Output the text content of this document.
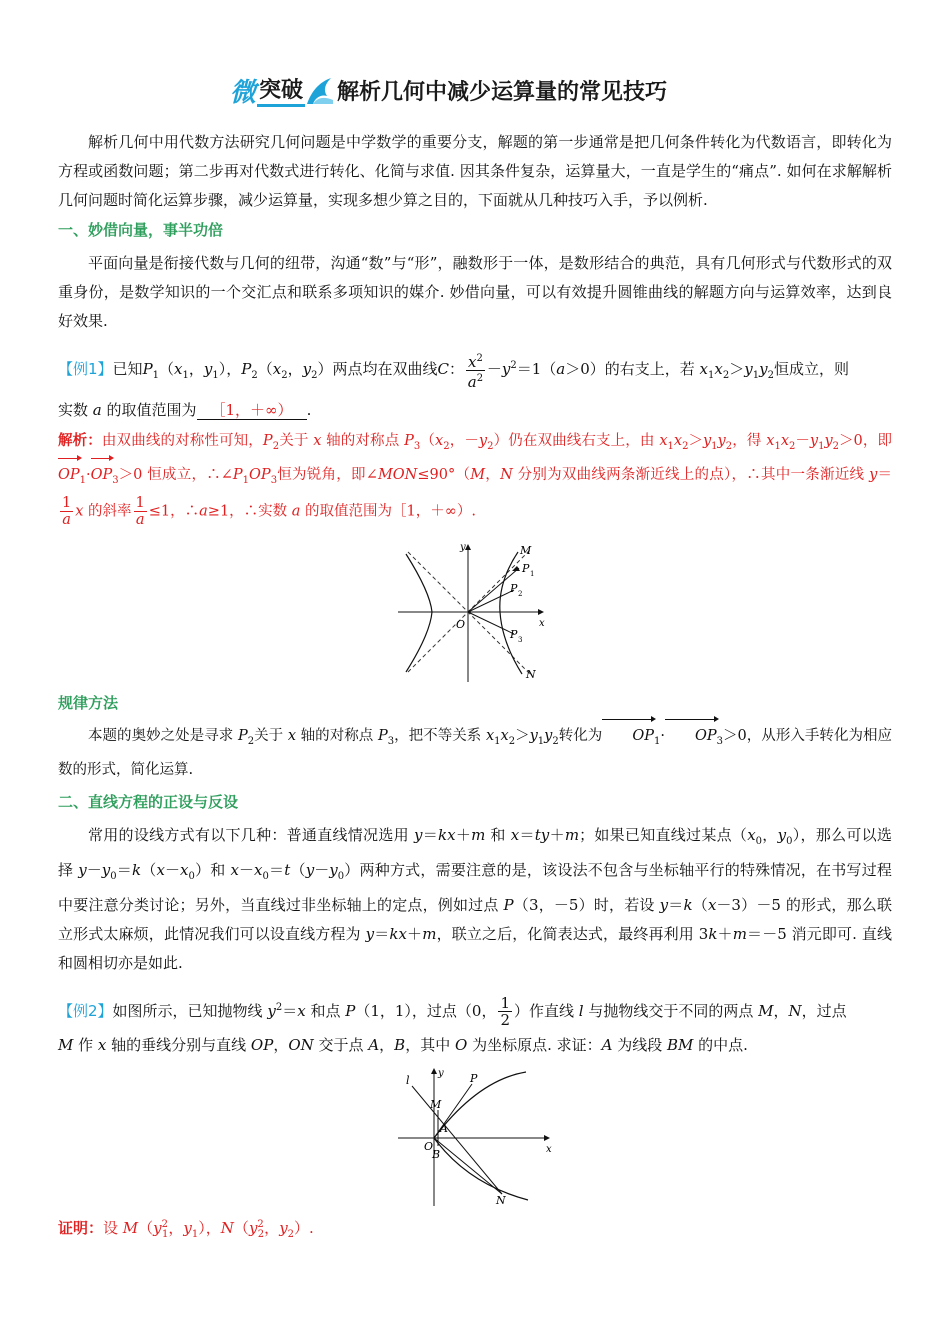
微 突破 解析几何中减少运算量的常见技巧

解析几何中用代数方法研究几何问题是中学数学的重要分支，解题的第一步通常是把几何条件转化为代数语言，即转化为方程或函数问题；第二步再对代数式进行转化、化简与求值. 因其条件复杂，运算量大，一直是学生的“痛点”. 如何在求解解析几何问题时简化运算步骤，减少运算量，实现多想少算之目的，下面就从几种技巧入手，予以例析.

一、妙借向量，事半功倍

平面向量是衔接代数与几何的纽带，沟通“数”与“形”，融数形于一体，是数形结合的典范，具有几何形式与代数形式的双重身份，是数学知识的一个交汇点和联系多项知识的媒介. 妙借向量，可以有效提升圆锥曲线的解题方向与运算效率，达到良好效果.

【例1】已知$P_1(x_1$，$y_1$），$P_2(x_2$，$y_2$）两点均在双曲线C： $\frac{x^2}{a^2} -y^2=1(a>0)$的右支上，若 $x_1x_2>y_1y_2$恒成立，则

实数 a 的取值范围为 ［1，＋∞） .

解析：由双曲线的对称性可知，$P_2$关于 x 轴的对称点 $P_3(x_2$，$-y_2$）仍在双曲线右支上，由 $x_1x_2>y_1y_2$，得 $x_1x_2-y_1y_2>0$，即$OP_1\cdot OP_3>0$ 恒成立，$\therefore\angle P_1OP_3$恒为锐角，即∠MON≤90°（M，N 分别为双曲线两条渐近线上的点），∴其中一条渐近线 y＝
$\frac{1}{a}$ x 的斜率 $\frac{1}{a} \le 1$，∴a≥1，∴实数 a 的取值范围为［1，＋∞）.

y
x
O
M
N
P 1
P 2
P 3
规律方法

本题的奥妙之处是寻求 $P_2$关于 x 轴的对称点 $P_3$，把不等关系 $x_1x_2>y_1y_2$转化为 $OP_1\cdot OP_3>0$，从形入手转化为相应数的形式，简化运算.

二、直线方程的正设与反设

常用的设线方式有以下几种：普通直线情况选用 y＝kx＋m 和 x＝ty＋m；如果已知直线过某点（$x_0$，$y_0$），那么可以选择 $y-y_0=k(x-x_0)$和 $x-x_0=t(y-y_0)$两种方式，需要注意的是，该设法不包含与坐标轴平行的特殊情况，在书写过程中要注意分类讨论；另外，当直线过非坐标轴上的定点，例如过点 P（3，－5）时，若设 y＝k（x－3）－5 的形式，那么联立形式太麻烦，此情况我们可以设直线方程为 y＝kx＋m，联立之后，化简表达式，最终再利用 3k＋m＝－5 消元即可. 直线和圆相切亦是如此.

【例2】如图所示，已知抛物线 $y^2=x$ 和点 P（1，1），过点（0， $\frac{1}{2}$ ）作直线 l 与抛物线交于不同的两点 M，N，过点

M 作 x 轴的垂线分别与直线 OP，ON 交于点 A，B，其中 O 为坐标原点. 求证：A 为线段 BM 的中点.

l
y
x
O
M
A
B
P
N

证明：设 $M(y^2_1$，$y_1$），$N(y^2_2$，$y_2$）.
